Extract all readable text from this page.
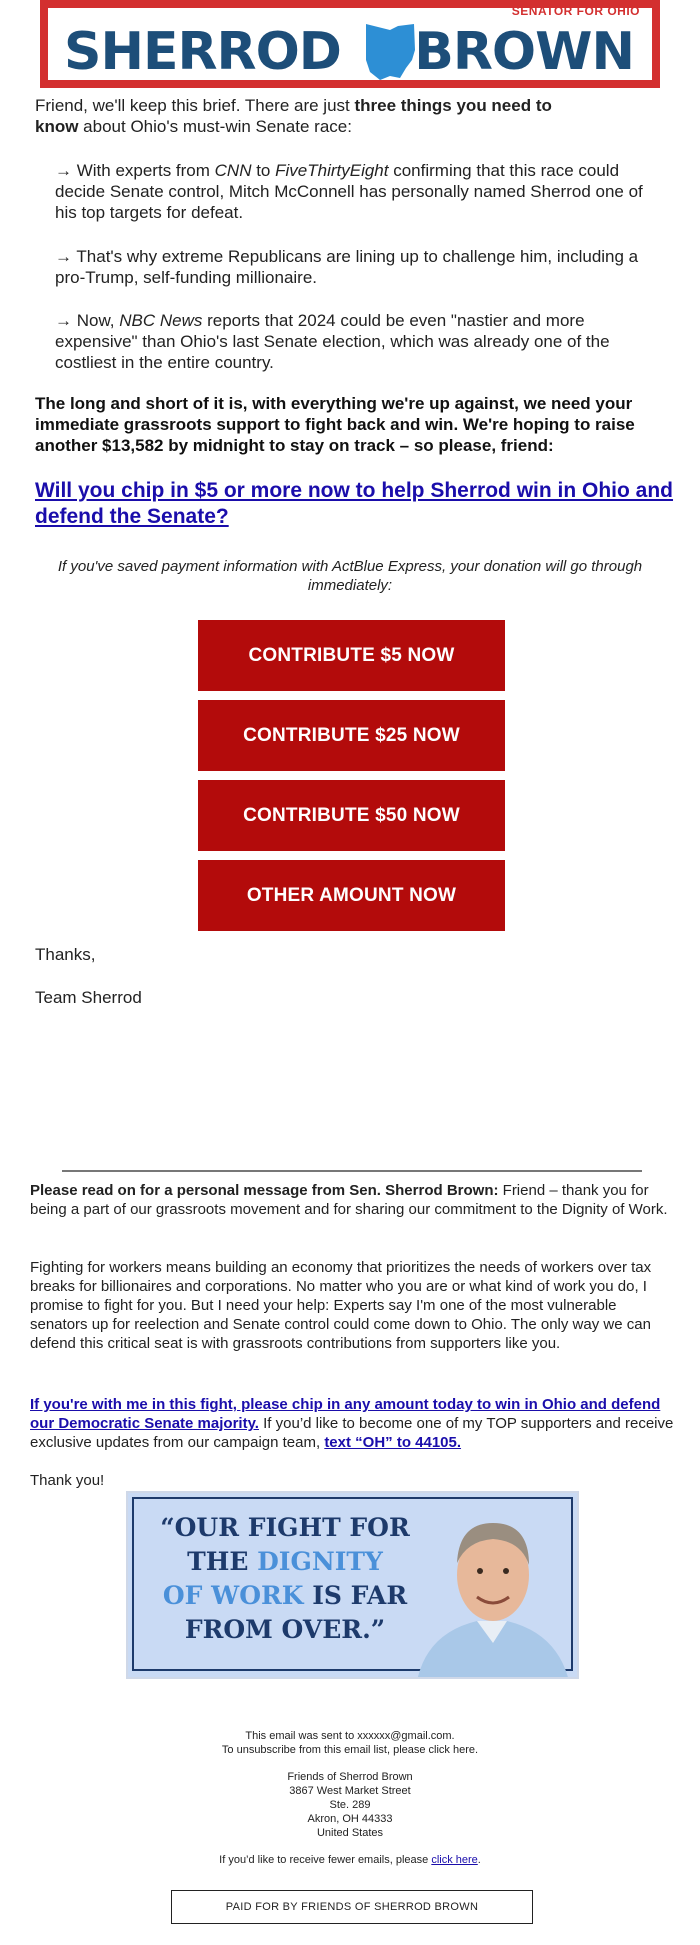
SENATOR FOR OHIO
SHERROD BROWN
Friend, we'll keep this brief. There are just three things you need to know about Ohio's must-win Senate race:
→ With experts from CNN to FiveThirtyEight confirming that this race could decide Senate control, Mitch McConnell has personally named Sherrod one of his top targets for defeat.
→ That's why extreme Republicans are lining up to challenge him, including a pro-Trump, self-funding millionaire.
→ Now, NBC News reports that 2024 could be even "nastier and more expensive" than Ohio's last Senate election, which was already one of the costliest in the entire country.
The long and short of it is, with everything we're up against, we need your immediate grassroots support to fight back and win. We're hoping to raise another $13,582 by midnight to stay on track – so please, friend:
Will you chip in $5 or more now to help Sherrod win in Ohio and defend the Senate?
If you've saved payment information with ActBlue Express, your donation will go through immediately:
CONTRIBUTE $5 NOW
CONTRIBUTE $25 NOW
CONTRIBUTE $50 NOW
OTHER AMOUNT NOW
Thanks,
Team Sherrod
Please read on for a personal message from Sen. Sherrod Brown: Friend – thank you for being a part of our grassroots movement and for sharing our commitment to the Dignity of Work.
Fighting for workers means building an economy that prioritizes the needs of workers over tax breaks for billionaires and corporations. No matter who you are or what kind of work you do, I promise to fight for you. But I need your help: Experts say I'm one of the most vulnerable senators up for reelection and Senate control could come down to Ohio. The only way we can defend this critical seat is with grassroots contributions from supporters like you.
If you're with me in this fight, please chip in any amount today to win in Ohio and defend our Democratic Senate majority. If you’d like to become one of my TOP supporters and receive exclusive updates from our campaign team, text “OH” to 44105.
Thank you!
“OUR FIGHT FOR
THE DIGNITY
OF WORK IS FAR
FROM OVER.”
This email was sent to xxxxxx@gmail.com.
To unsubscribe from this email list, please click here.
Friends of Sherrod Brown
3867 West Market Street
Ste. 289
Akron, OH 44333
United States
If you’d like to receive fewer emails, please click here.
PAID FOR BY FRIENDS OF SHERROD BROWN
